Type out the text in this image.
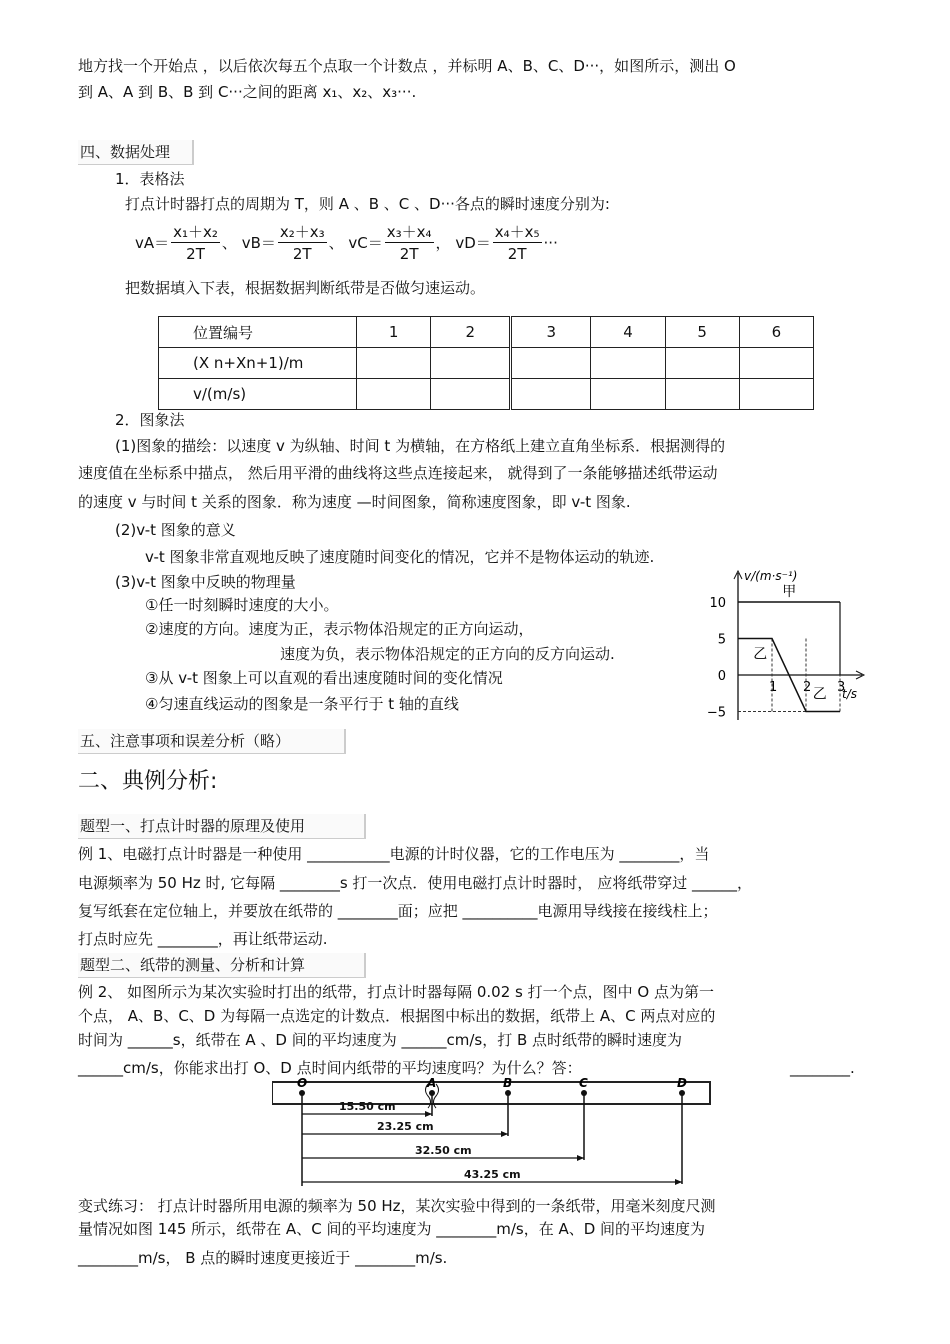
地方找一个开始点 ，以后依次每五个点取一个计数点 ，并标明 A、B、C、D···，如图所示，测出 O
到 A、A 到 B、B 到 C···之间的距离 x₁、x₂、x₃···.
四、数据处理
1．表格法
打点计时器打点的周期为 T，则 A 、B 、C 、D···各点的瞬时速度分别为:
$vA= \frac{\text{x₁＋x₂}}{2T}$ 、 $vB= \frac{\text{x₂＋x₃}}{2T}$ 、 $vC= \frac{\text{x₃＋x₄}}{2T}$ ， $vD= \frac{\text{x₄＋x₅}}{2T}$ ···
把数据填入下表，根据数据判断纸带是否做匀速运动。
位置编号	1	2	3	4	5	6
(X n+Xn+1)/m						
v/(m/s)						
2．图象法
(1)图象的描绘：以速度 v 为纵轴、时间 t 为横轴，在方格纸上建立直角坐标系．根据测得的
速度值在坐标系中描点， 然后用平滑的曲线将这些点连接起来， 就得到了一条能够描述纸带运动
的速度 v 与时间 t 关系的图象．称为速度 —时间图象，简称速度图象，即 v-t 图象.
(2)v-t 图象的意义
v-t 图象非常直观地反映了速度随时间变化的情况，它并不是物体运动的轨迹.
(3)v-t 图象中反映的物理量
①任一时刻瞬时速度的大小。
②速度的方向。速度为正，表示物体沿规定的正方向运动，
速度为负，表示物体沿规定的正方向的反方向运动.
③从 v-t 图象上可以直观的看出速度随时间的变化情况
④匀速直线运动的图象是一条平行于 t 轴的直线
v/(m·s⁻¹)
t/s
10
5
0
−5
1 2 3
甲
乙
乙
五、注意事项和误差分析（略）
二、典例分析:
题型一、打点计时器的原理及使用
例 1、电磁打点计时器是一种使用 ___________电源的计时仪器，它的工作电压为 ________，当
电源频率为 50 Hz 时, 它每隔 ________s 打一次点．使用电磁打点计时器时， 应将纸带穿过 ______，
复写纸套在定位轴上，并要放在纸带的 ________面；应把 __________电源用导线接在接线柱上；
打点时应先 ________，再让纸带运动.
题型二、纸带的测量、分析和计算
例 2、 如图所示为某次实验时打出的纸带，打点计时器每隔 0.02 s 打一个点，图中 O 点为第一
个点， A、B、C、D 为每隔一点选定的计数点．根据图中标出的数据，纸带上 A、C 两点对应的
时间为 ______s，纸带在 A 、D 间的平均速度为 ______cm/s，打 B 点时纸带的瞬时速度为
______cm/s，你能求出打 O、D 点时间内纸带的平均速度吗？为什么？答：	________.
O	A	B	C	D
15.50 cm
23.25 cm
32.50 cm
43.25 cm
变式练习： 打点计时器所用电源的频率为 50 Hz，某次实验中得到的一条纸带，用毫米刻度尺测
量情况如图 145 所示，纸带在 A、C 间的平均速度为 ________m/s，在 A、D 间的平均速度为
________m/s， B 点的瞬时速度更接近于 ________m/s.
